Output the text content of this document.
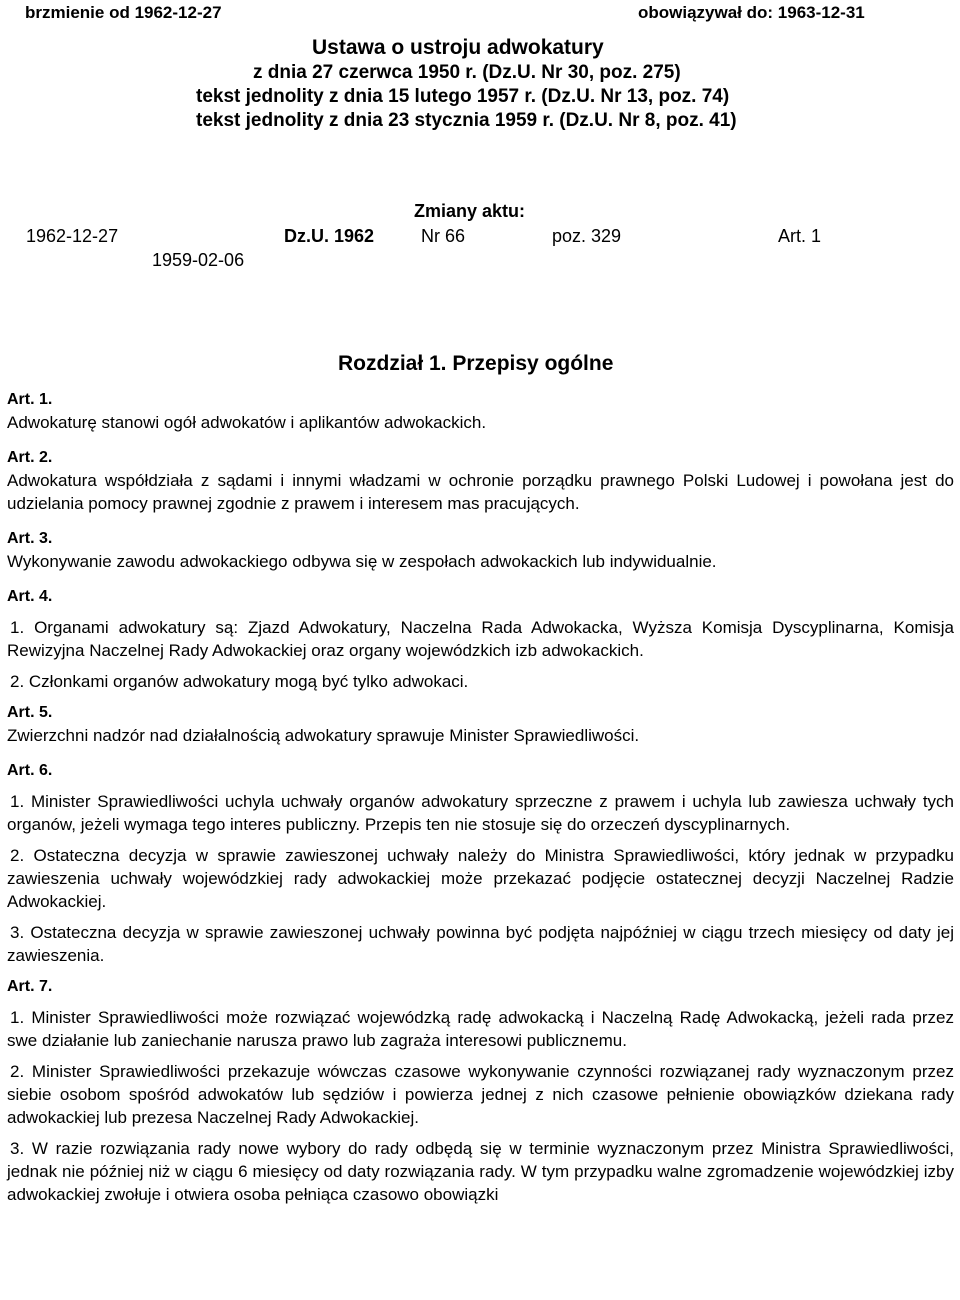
brzmienie od 1962-12-27	obowiązywał do: 1963-12-31
Ustawa o ustroju adwokatury
z dnia 27 czerwca 1950 r. (Dz.U. Nr 30, poz. 275)
tekst jednolity z dnia 15 lutego 1957 r. (Dz.U. Nr 13, poz. 74)
tekst jednolity z dnia 23 stycznia 1959 r. (Dz.U. Nr 8, poz. 41)
Zmiany aktu:
1962-12-27	Dz.U. 1962	Nr 66	poz. 329	Art. 1
1959-02-06
Rozdział 1. Przepisy ogólne

Art. 1.

Adwokaturę stanowi ogół adwokatów i aplikantów adwokackich.

Art. 2.

Adwokatura współdziała z sądami i innymi władzami w ochronie porządku prawnego Polski Ludowej i powołana jest do udzielania pomocy prawnej zgodnie z prawem i interesem mas pracujących.

Art. 3.

Wykonywanie zawodu adwokackiego odbywa się w zespołach adwokackich lub indywidualnie.

Art. 4.

1. Organami adwokatury są: Zjazd Adwokatury, Naczelna Rada Adwokacka, Wyższa Komisja Dyscyplinarna, Komisja Rewizyjna Naczelnej Rady Adwokackiej oraz organy wojewódzkich izb adwokackich.

2. Członkami organów adwokatury mogą być tylko adwokaci.

Art. 5.

Zwierzchni nadzór nad działalnością adwokatury sprawuje Minister Sprawiedliwości.

Art. 6.

1. Minister Sprawiedliwości uchyla uchwały organów adwokatury sprzeczne z prawem i uchyla lub zawiesza uchwały tych organów, jeżeli wymaga tego interes publiczny. Przepis ten nie stosuje się do orzeczeń dyscyplinarnych.

2. Ostateczna decyzja w sprawie zawieszonej uchwały należy do Ministra Sprawiedliwości, który jednak w przypadku zawieszenia uchwały wojewódzkiej rady adwokackiej może przekazać podjęcie ostatecznej decyzji Naczelnej Radzie Adwokackiej.

3. Ostateczna decyzja w sprawie zawieszonej uchwały powinna być podjęta najpóźniej w ciągu trzech miesięcy od daty jej zawieszenia.

Art. 7.

1. Minister Sprawiedliwości może rozwiązać wojewódzką radę adwokacką i Naczelną Radę Adwokacką, jeżeli rada przez swe działanie lub zaniechanie narusza prawo lub zagraża interesowi publicznemu.

2. Minister Sprawiedliwości przekazuje wówczas czasowe wykonywanie czynności rozwiązanej rady wyznaczonym przez siebie osobom spośród adwokatów lub sędziów i powierza jednej z nich czasowe pełnienie obowiązków dziekana rady adwokackiej lub prezesa Naczelnej Rady Adwokackiej.

3. W razie rozwiązania rady nowe wybory do rady odbędą się w terminie wyznaczonym przez Ministra Sprawiedliwości, jednak nie później niż w ciągu 6 miesięcy od daty rozwiązania rady. W tym przypadku walne zgromadzenie wojewódzkiej izby adwokackiej zwołuje i otwiera osoba pełniąca czasowo obowiązki
